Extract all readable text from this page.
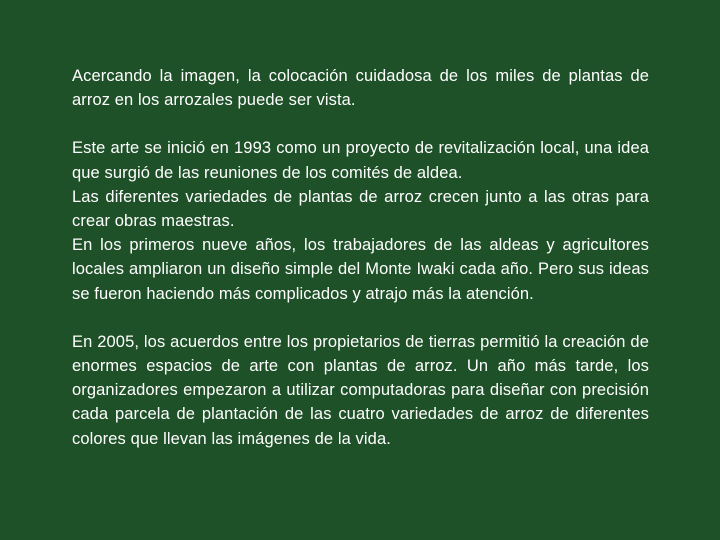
Acercando la imagen, la colocación cuidadosa de los miles de plantas de arroz en los arrozales puede ser vista.

Este arte se inició en 1993 como un proyecto de revitalización local, una idea que surgió de las reuniones de los comités de aldea.

Las diferentes variedades de plantas de arroz crecen junto a las otras para crear obras maestras.

En los primeros nueve años, los trabajadores de las aldeas y agricultores locales ampliaron un diseño simple del Monte Iwaki cada año. Pero sus ideas se fueron haciendo más complicados y atrajo más la atención.

En 2005, los acuerdos entre los propietarios de tierras permitió la creación de enormes espacios de arte con plantas de arroz. Un año más tarde, los organizadores empezaron a utilizar computadoras para diseñar con precisión cada parcela de plantación de las cuatro variedades de arroz de diferentes colores que llevan las imágenes de la vida.
